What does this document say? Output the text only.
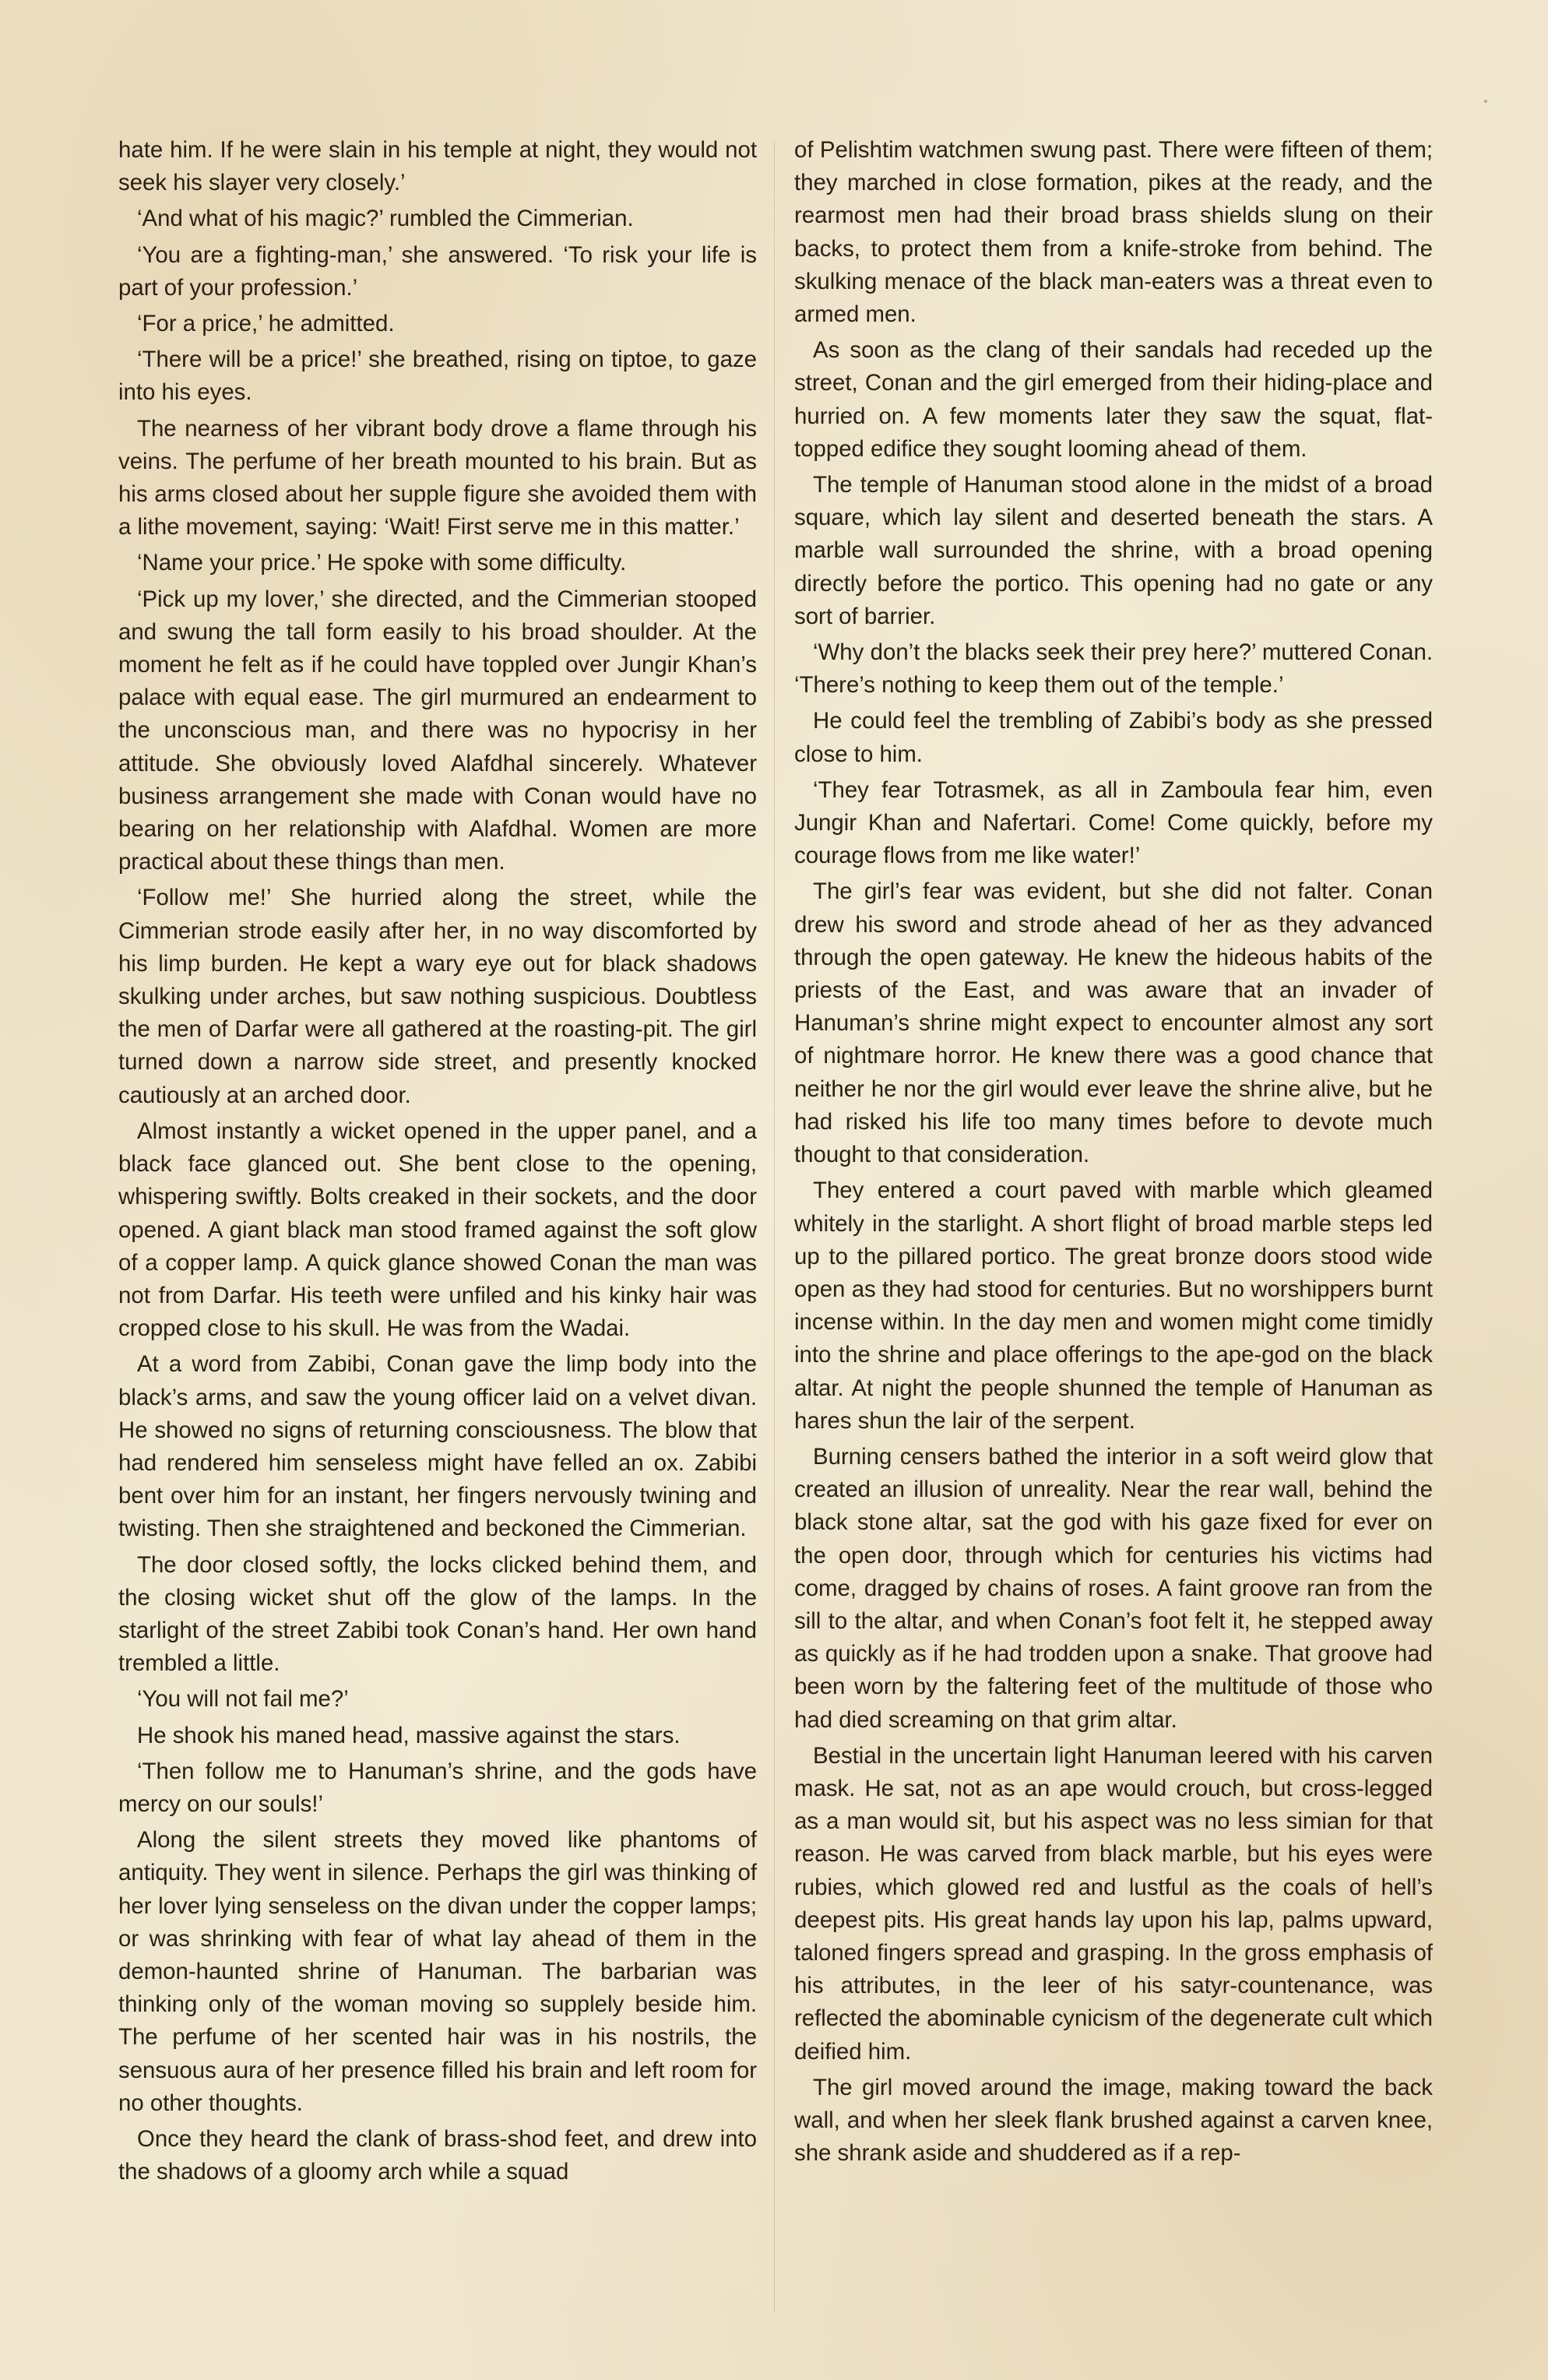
hate him. If he were slain in his temple at night, they would not seek his slayer very closely.’

‘And what of his magic?’ rumbled the Cimmerian.

‘You are a fighting-man,’ she answered. ‘To risk your life is part of your profession.’

‘For a price,’ he admitted.

‘There will be a price!’ she breathed, rising on tiptoe, to gaze into his eyes.

The nearness of her vibrant body drove a flame through his veins. The perfume of her breath mounted to his brain. But as his arms closed about her supple figure she avoided them with a lithe movement, saying: ‘Wait! First serve me in this matter.’

‘Name your price.’ He spoke with some difficulty.

‘Pick up my lover,’ she directed, and the Cimmerian stooped and swung the tall form easily to his broad shoulder. At the moment he felt as if he could have toppled over Jungir Khan’s palace with equal ease. The girl murmured an endearment to the unconscious man, and there was no hypocrisy in her attitude. She obviously loved Alafdhal sincerely. Whatever business arrangement she made with Conan would have no bearing on her relationship with Alafdhal. Women are more practical about these things than men.

‘Follow me!’ She hurried along the street, while the Cimmerian strode easily after her, in no way discomforted by his limp burden. He kept a wary eye out for black shadows skulking under arches, but saw nothing suspicious. Doubtless the men of Darfar were all gathered at the roasting-pit. The girl turned down a narrow side street, and presently knocked cautiously at an arched door.

Almost instantly a wicket opened in the upper panel, and a black face glanced out. She bent close to the opening, whispering swiftly. Bolts creaked in their sockets, and the door opened. A giant black man stood framed against the soft glow of a copper lamp. A quick glance showed Conan the man was not from Darfar. His teeth were unfiled and his kinky hair was cropped close to his skull. He was from the Wadai.

At a word from Zabibi, Conan gave the limp body into the black’s arms, and saw the young officer laid on a velvet divan. He showed no signs of returning consciousness. The blow that had rendered him senseless might have felled an ox. Zabibi bent over him for an instant, her fingers nervously twining and twisting. Then she straightened and beckoned the Cimmerian.

The door closed softly, the locks clicked behind them, and the closing wicket shut off the glow of the lamps. In the starlight of the street Zabibi took Conan’s hand. Her own hand trembled a little.

‘You will not fail me?’

He shook his maned head, massive against the stars.

‘Then follow me to Hanuman’s shrine, and the gods have mercy on our souls!’

Along the silent streets they moved like phantoms of antiquity. They went in silence. Perhaps the girl was thinking of her lover lying senseless on the divan under the copper lamps; or was shrinking with fear of what lay ahead of them in the demon-haunted shrine of Hanuman. The barbarian was thinking only of the woman moving so supplely beside him. The perfume of her scented hair was in his nostrils, the sensuous aura of her presence filled his brain and left room for no other thoughts.

Once they heard the clank of brass-shod feet, and drew into the shadows of a gloomy arch while a squad

of Pelishtim watchmen swung past. There were fifteen of them; they marched in close formation, pikes at the ready, and the rearmost men had their broad brass shields slung on their backs, to protect them from a knife-stroke from behind. The skulking menace of the black man-eaters was a threat even to armed men.

As soon as the clang of their sandals had receded up the street, Conan and the girl emerged from their hiding-place and hurried on. A few moments later they saw the squat, flat-topped edifice they sought looming ahead of them.

The temple of Hanuman stood alone in the midst of a broad square, which lay silent and deserted beneath the stars. A marble wall surrounded the shrine, with a broad opening directly before the portico. This opening had no gate or any sort of barrier.

‘Why don’t the blacks seek their prey here?’ muttered Conan. ‘There’s nothing to keep them out of the temple.’

He could feel the trembling of Zabibi’s body as she pressed close to him.

‘They fear Totrasmek, as all in Zamboula fear him, even Jungir Khan and Nafertari. Come! Come quickly, before my courage flows from me like water!’

The girl’s fear was evident, but she did not falter. Conan drew his sword and strode ahead of her as they advanced through the open gateway. He knew the hideous habits of the priests of the East, and was aware that an invader of Hanuman’s shrine might expect to encounter almost any sort of nightmare horror. He knew there was a good chance that neither he nor the girl would ever leave the shrine alive, but he had risked his life too many times before to devote much thought to that consideration.

They entered a court paved with marble which gleamed whitely in the starlight. A short flight of broad marble steps led up to the pillared portico. The great bronze doors stood wide open as they had stood for centuries. But no worshippers burnt incense within. In the day men and women might come timidly into the shrine and place offerings to the ape-god on the black altar. At night the people shunned the temple of Hanuman as hares shun the lair of the serpent.

Burning censers bathed the interior in a soft weird glow that created an illusion of unreality. Near the rear wall, behind the black stone altar, sat the god with his gaze fixed for ever on the open door, through which for centuries his victims had come, dragged by chains of roses. A faint groove ran from the sill to the altar, and when Conan’s foot felt it, he stepped away as quickly as if he had trodden upon a snake. That groove had been worn by the faltering feet of the multitude of those who had died screaming on that grim altar.

Bestial in the uncertain light Hanuman leered with his carven mask. He sat, not as an ape would crouch, but cross-legged as a man would sit, but his aspect was no less simian for that reason. He was carved from black marble, but his eyes were rubies, which glowed red and lustful as the coals of hell’s deepest pits. His great hands lay upon his lap, palms upward, taloned fingers spread and grasping. In the gross emphasis of his attributes, in the leer of his satyr-countenance, was reflected the abominable cynicism of the degenerate cult which deified him.

The girl moved around the image, making toward the back wall, and when her sleek flank brushed against a carven knee, she shrank aside and shuddered as if a rep-
